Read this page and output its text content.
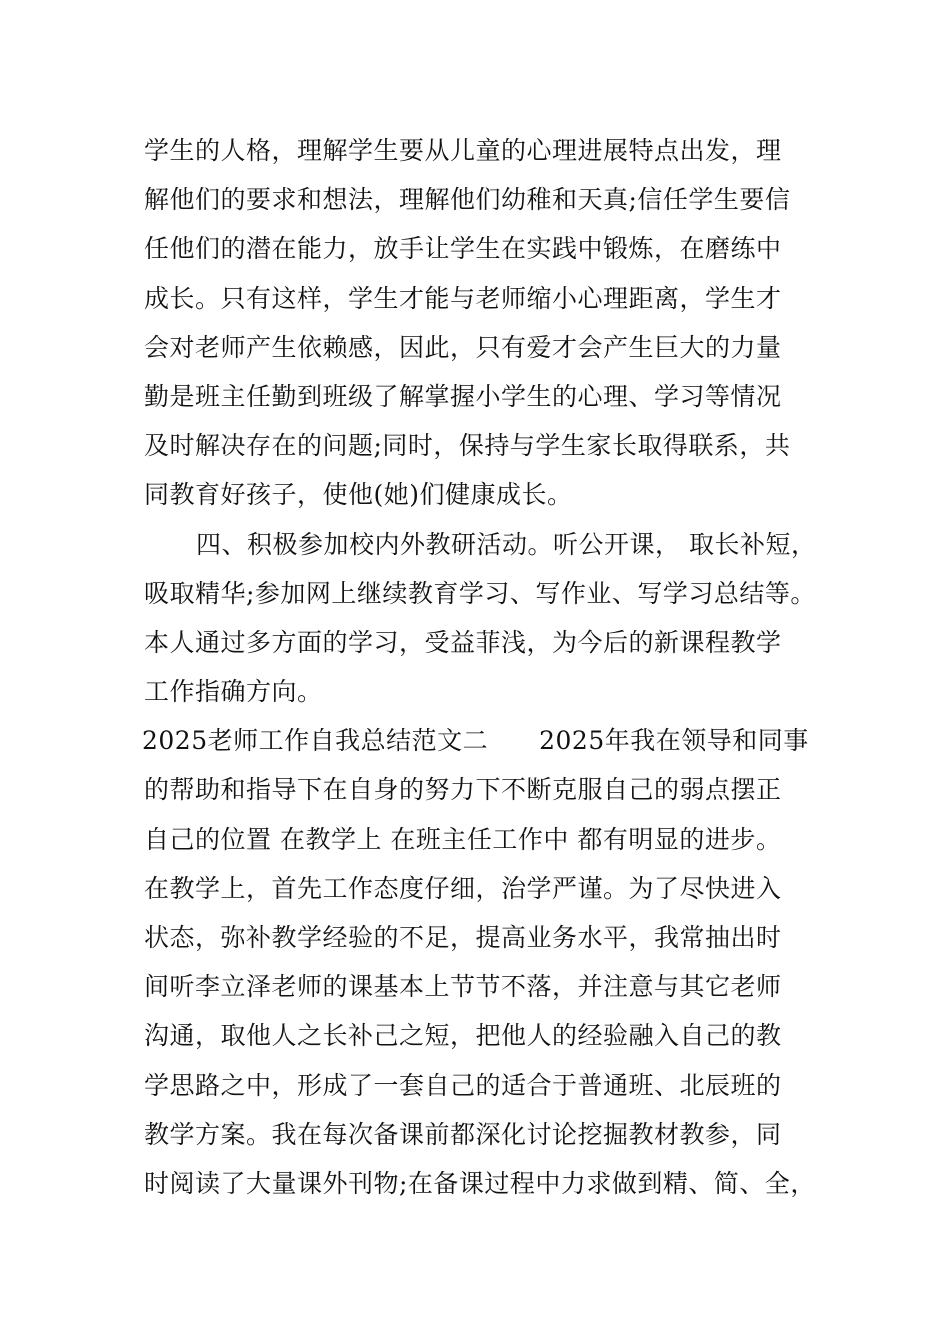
学生的人格，理解学生要从儿童的心理进展特点出发，理
解他们的要求和想法，理解他们幼稚和天真;信任学生要信
任他们的潜在能力，放手让学生在实践中锻炼，在磨练中
成长。只有这样，学生才能与老师缩小心理距离，学生才
会对老师产生依赖感，因此，只有爱才会产生巨大的力量
勤是班主任勤到班级了解掌握小学生的心理、学习等情况
及时解决存在的问题;同时，保持与学生家长取得联系，共
同教育好孩子，使他(她)们健康成长。
四、积极参加校内外教研活动。听公开课， 取长补短，
吸取精华;参加网上继续教育学习、写作业、写学习总结等。
本人通过多方面的学习，受益菲浅，为今后的新课程教学
工作指确方向。
2025老师工作自我总结范文二　　2025年我在领导和同事
的帮助和指导下在自身的努力下不断克服自己的弱点摆正
自己的位置 在教学上 在班主任工作中 都有明显的进步。
在教学上，首先工作态度仔细，治学严谨。为了尽快进入
状态，弥补教学经验的不足，提高业务水平，我常抽出时
间听李立泽老师的课基本上节节不落，并注意与其它老师
沟通，取他人之长补己之短，把他人的经验融入自己的教
学思路之中，形成了一套自己的适合于普通班、北辰班的
教学方案。我在每次备课前都深化讨论挖掘教材教参，同
时阅读了大量课外刊物;在备课过程中力求做到精、简、全，
